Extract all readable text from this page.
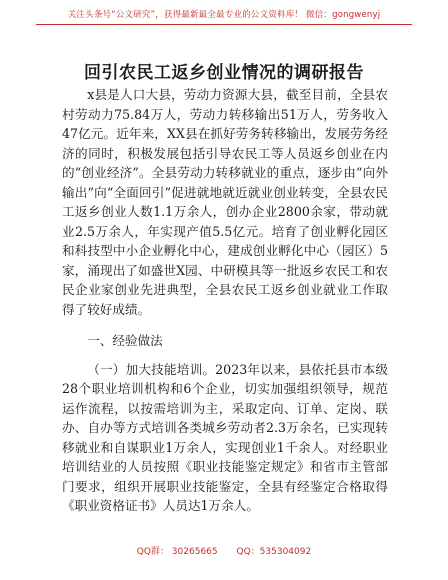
关注头条号“公文研究”，获得最新最全最专业的公文资料库！ 微信：gongwenyj
回引农民工返乡创业情况的调研报告

x县是人口大县，劳动力资源大县，截至目前，全县农村劳动力75.84万人，劳动力转移输出51万人，劳务收入47亿元。近年来，XX县在抓好劳务转移输出，发展劳务经济的同时，积极发展包括引导农民工等人员返乡创业在内的“创业经济”。全县劳动力转移就业的重点，逐步由“向外输出”向“全面回引”促进就地就近就业创业转变，全县农民工返乡创业人数1.1万余人，创办企业2800余家，带动就业2.5万余人，年实现产值5.5亿元。培育了创业孵化园区和科技型中小企业孵化中心，建成创业孵化中心（园区）5家，涌现出了如盛世X园、中研模具等一批返乡农民工和农民企业家创业先进典型，全县农民工返乡创业就业工作取得了较好成绩。

一、经验做法

（一）加大技能培训。2023年以来，县依托县市本级28个职业培训机构和6个企业，切实加强组织领导，规范运作流程，以按需培训为主，采取定向、订单、定岗、联办、自办等方式培训各类城乡劳动者2.3万余名，已实现转移就业和自谋职业1万余人，实现创业1千余人。对经职业培训结业的人员按照《职业技能鉴定规定》和省市主管部门要求，组织开展职业技能鉴定，全县有经鉴定合格取得《职业资格证书》人员达1万余人。

QQ群： 30265665 QQ：535304092
